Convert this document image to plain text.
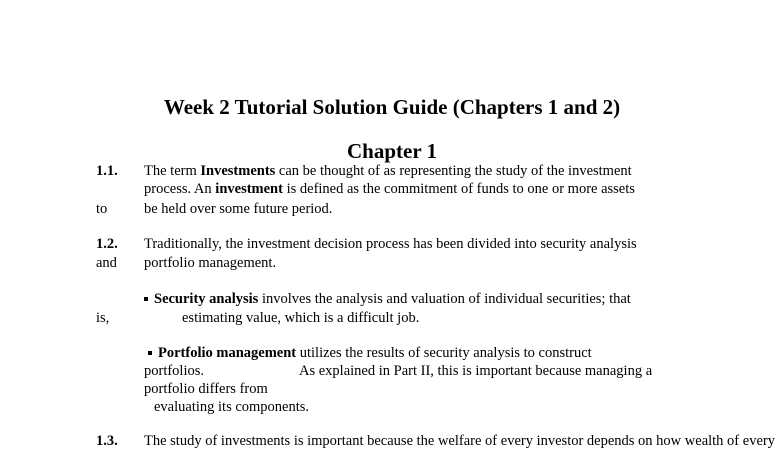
Week 2 Tutorial Solution Guide (Chapters 1 and 2)
Chapter 1
1.1. The term Investments can be thought of as representing the study of the investment
process. An investment is defined as the commitment of funds to one or more assets
to	be held over some future period.
1.2. Traditionally, the investment decision process has been divided into security analysis
and portfolio management.
Security analysis involves the analysis and valuation of individual securities; that
is,	estimating value, which is a difficult job.
Portfolio management utilizes the results of security analysis to construct
portfolios.	As explained in Part II, this is important because managing a
portfolio differs from
evaluating its components.
1.3. The study of investments is important because the welfare of every investor depends on how wealth of every
